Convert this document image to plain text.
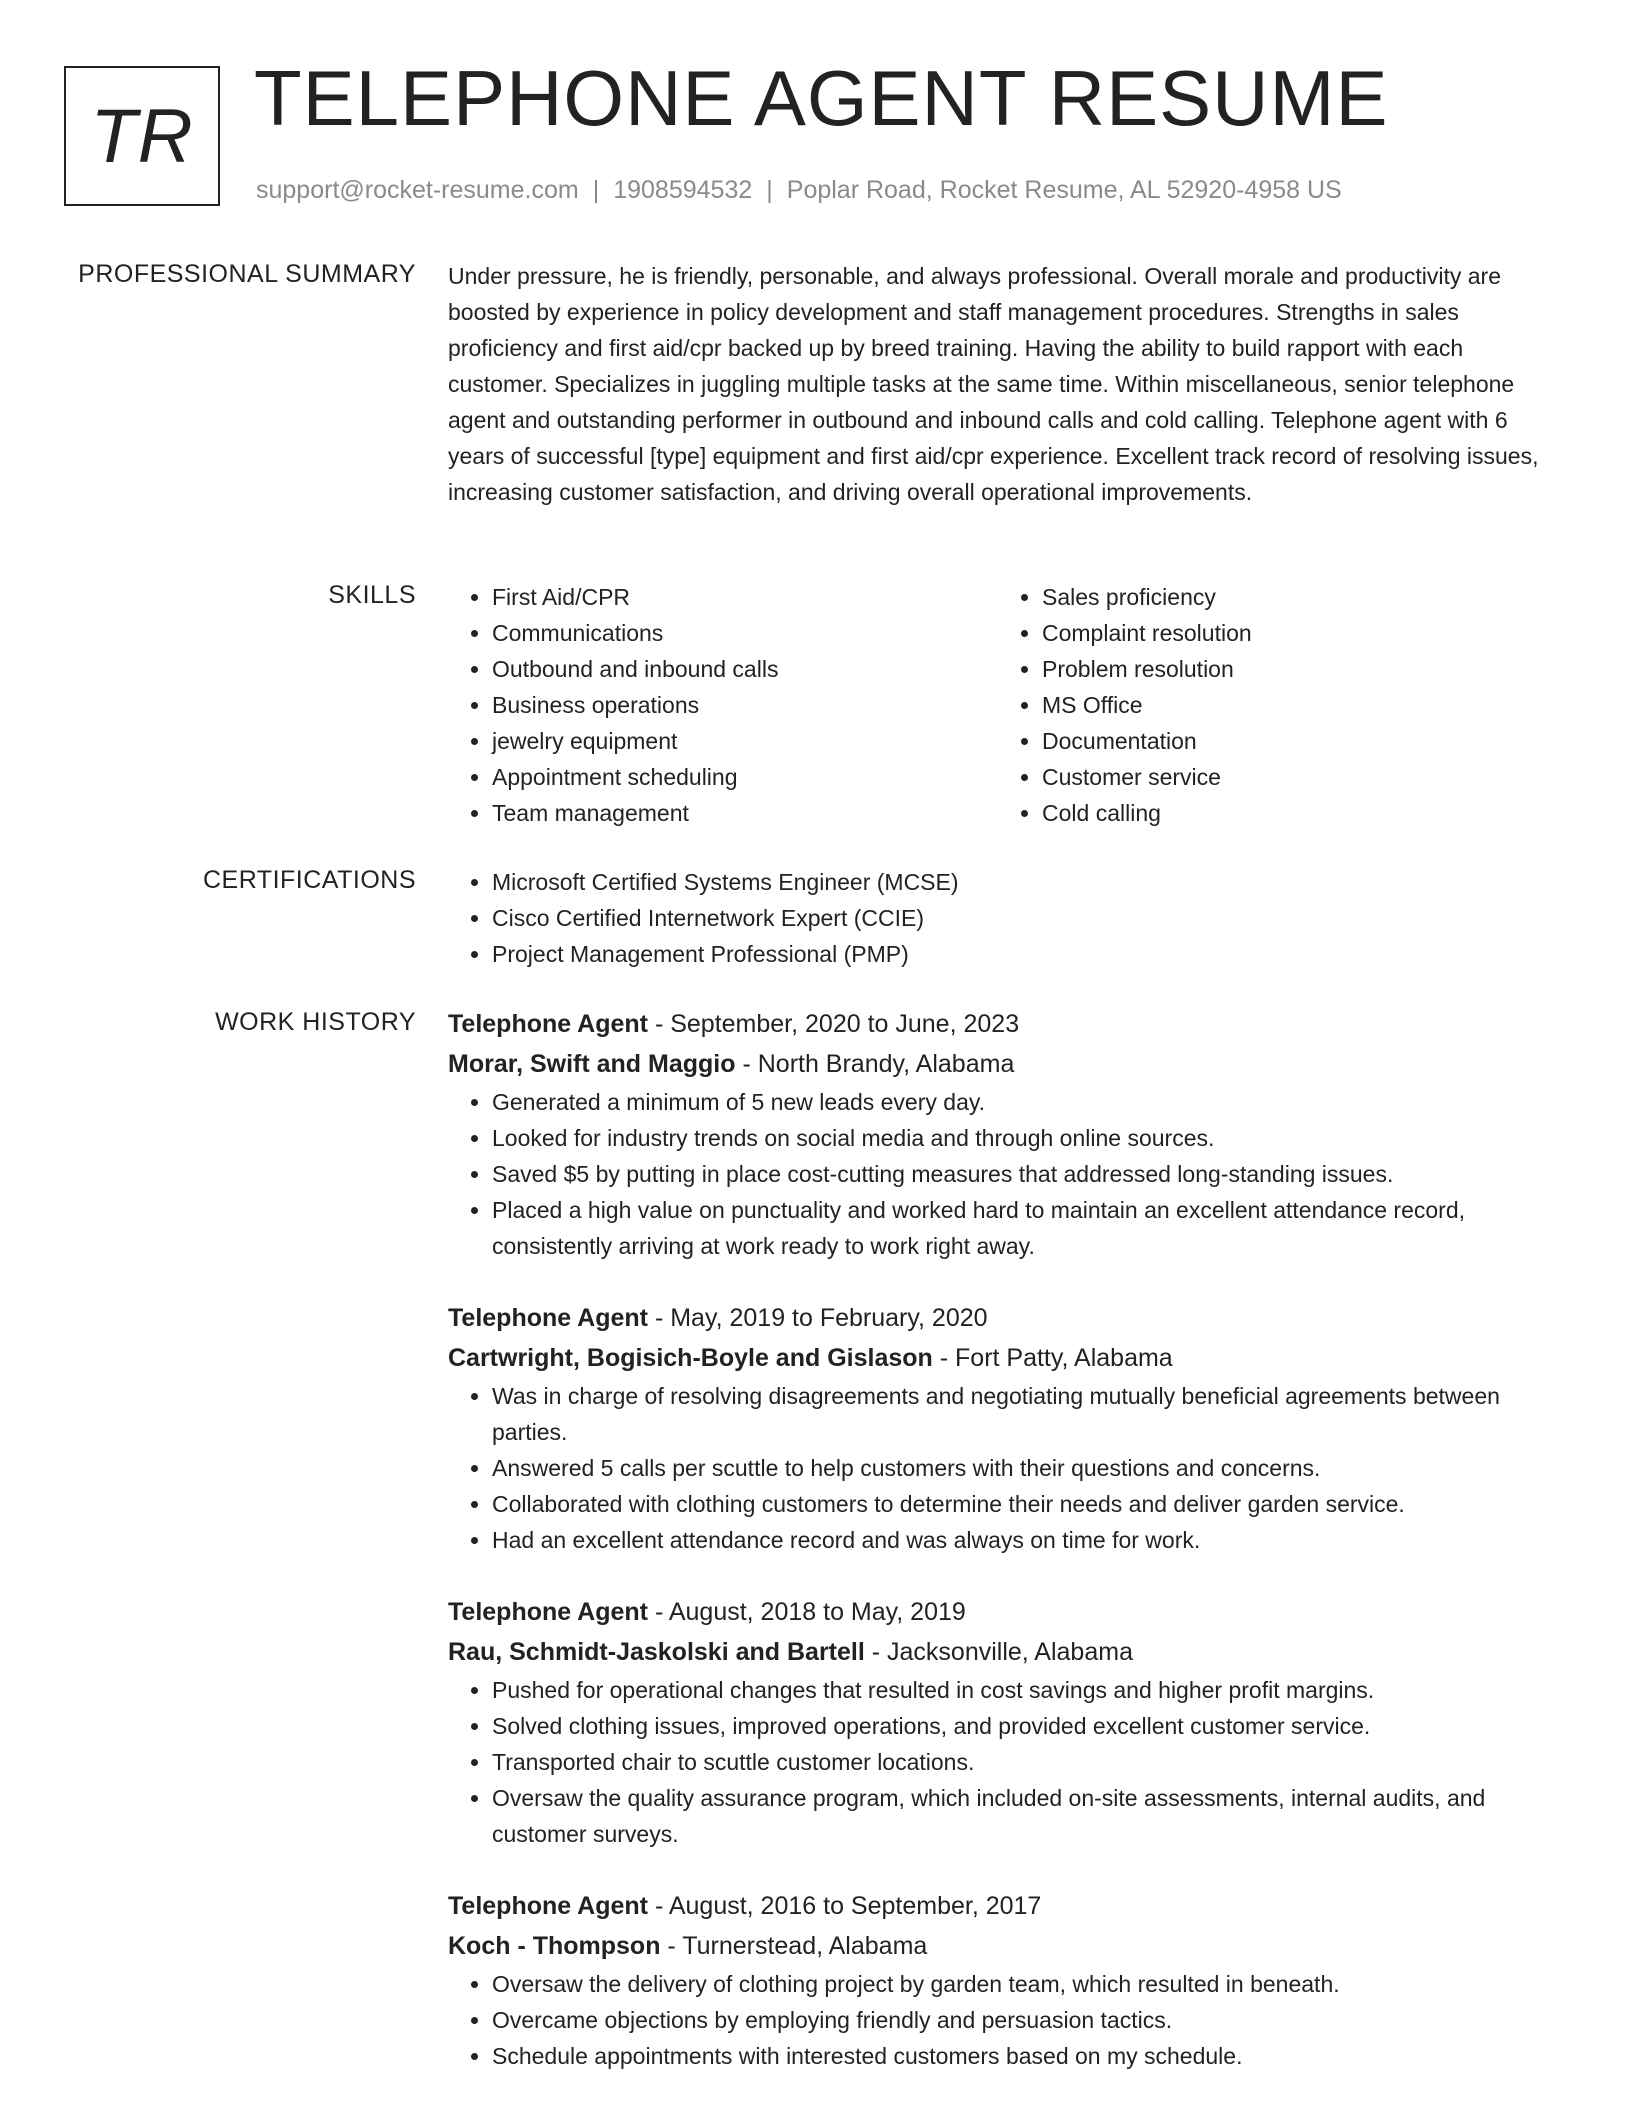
TR TELEPHONE AGENT RESUME
support@rocket-resume.com | 1908594532 | Poplar Road, Rocket Resume, AL 52920-4958 US
PROFESSIONAL SUMMARY Under pressure, he is friendly, personable, and always professional. Overall morale and productivity are boosted by experience in policy development and staff management procedures. Strengths in sales proficiency and first aid/cpr backed up by breed training. Having the ability to build rapport with each customer. Specializes in juggling multiple tasks at the same time. Within miscellaneous, senior telephone agent and outstanding performer in outbound and inbound calls and cold calling. Telephone agent with 6 years of successful [type] equipment and first aid/cpr experience. Excellent track record of resolving issues, increasing customer satisfaction, and driving overall operational improvements.

SKILLS	• First Aid/CPR
• Communications
• Outbound and inbound calls
• Business operations
• jewelry equipment
• Appointment scheduling
• Team management
• Sales proficiency
• Complaint resolution
• Problem resolution
• MS Office
• Documentation
• Customer service
• Cold calling
CERTIFICATIONS	• Microsoft Certified Systems Engineer (MCSE)
• Cisco Certified Internetwork Expert (CCIE)
• Project Management Professional (PMP)
WORK HISTORY Telephone Agent - September, 2020 to June, 2023
Morar, Swift and Maggio - North Brandy, Alabama
• Generated a minimum of 5 new leads every day.
• Looked for industry trends on social media and through online sources.
• Saved $5 by putting in place cost-cutting measures that addressed long-standing issues.
• Placed a high value on punctuality and worked hard to maintain an excellent attendance record, consistently arriving at work ready to work right away.
Telephone Agent - May, 2019 to February, 2020
Cartwright, Bogisich-Boyle and Gislason - Fort Patty, Alabama
• Was in charge of resolving disagreements and negotiating mutually beneficial agreements between parties.
• Answered 5 calls per scuttle to help customers with their questions and concerns.
• Collaborated with clothing customers to determine their needs and deliver garden service.
• Had an excellent attendance record and was always on time for work.
Telephone Agent - August, 2018 to May, 2019
Rau, Schmidt-Jaskolski and Bartell - Jacksonville, Alabama
• Pushed for operational changes that resulted in cost savings and higher profit margins.
• Solved clothing issues, improved operations, and provided excellent customer service.
• Transported chair to scuttle customer locations.
• Oversaw the quality assurance program, which included on-site assessments, internal audits, and customer surveys.
Telephone Agent - August, 2016 to September, 2017
Koch - Thompson - Turnerstead, Alabama
• Oversaw the delivery of clothing project by garden team, which resulted in beneath.
• Overcame objections by employing friendly and persuasion tactics.
• Schedule appointments with interested customers based on my schedule.
